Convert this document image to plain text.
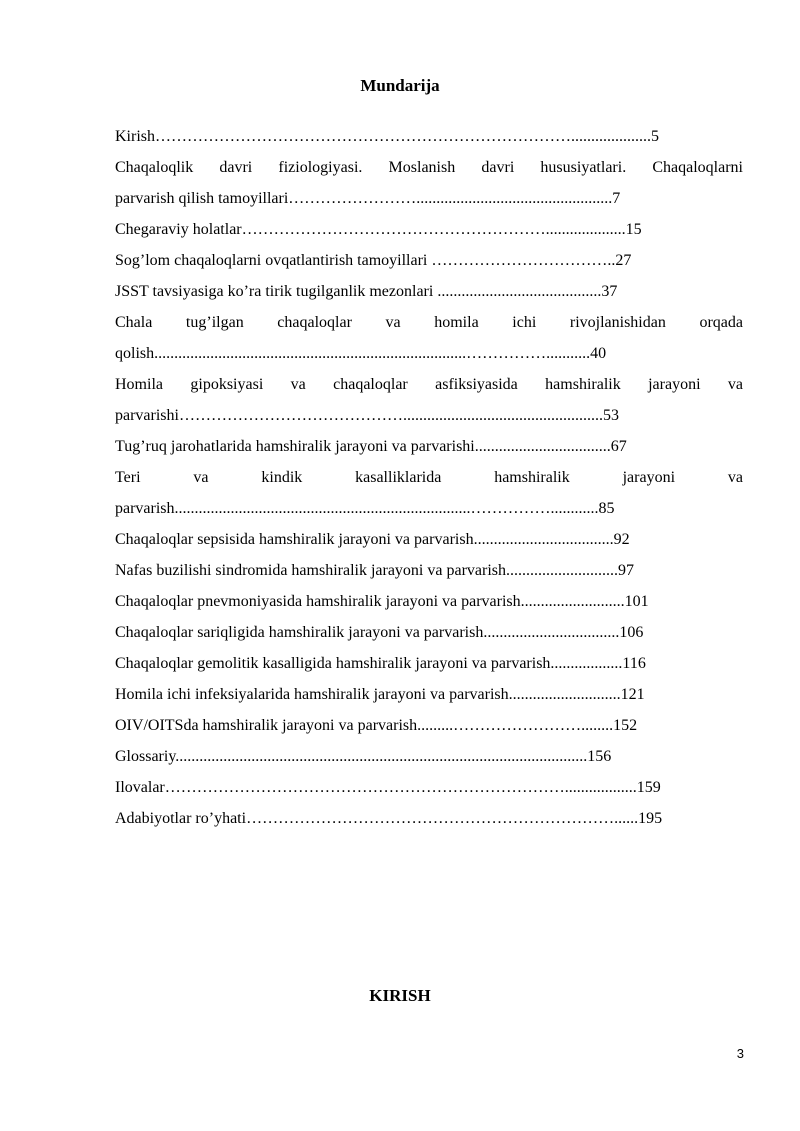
Mundarija
Kirish……………………………………………………………………....................5
Chaqaloqlik davri fiziologiyasi. Moslanish davri hususiyatlari. Chaqaloqlarni
parvarish qilish tamoyillari…………………….................................................7
Chegaraviy holatlar…………………………………………………....................15
Sog’lom chaqaloqlarni ovqatlantirish tamoyillari ……………………………..27
JSST tavsiyasiga ko’ra tirik tugilganlik mezonlari .........................................37
Chala tug’ilgan chaqaloqlar va homila ichi rivojlanishidan orqada
qolish..............................................................................……………...........40
Homila gipoksiyasi va chaqaloqlar asfiksiyasida hamshiralik jarayoni va
parvarishi……………………………………..................................................53
Tug’ruq jarohatlarida hamshiralik jarayoni va parvarishi..................................67
Teri va kindik kasalliklarida hamshiralik jarayoni va
parvarish..........................................................................……………............85
Chaqaloqlar sepsisida hamshiralik jarayoni va parvarish...................................92
Nafas buzilishi sindromida hamshiralik jarayoni va parvarish............................97
Chaqaloqlar pnevmoniyasida hamshiralik jarayoni va parvarish..........................101
Chaqaloqlar sariqligida hamshiralik jarayoni va parvarish..................................106
Chaqaloqlar gemolitik kasalligida hamshiralik jarayoni va parvarish..................116
Homila ichi infeksiyalarida hamshiralik jarayoni va parvarish............................121
OIV/OITSda hamshiralik jarayoni va parvarish.........……………………........152
Glossariy.......................................................................................................156
Ilovalar…………………………………………………………………..................159
Adabiyotlar ro’yhati……………………………………………………………......195
KIRISH
3
